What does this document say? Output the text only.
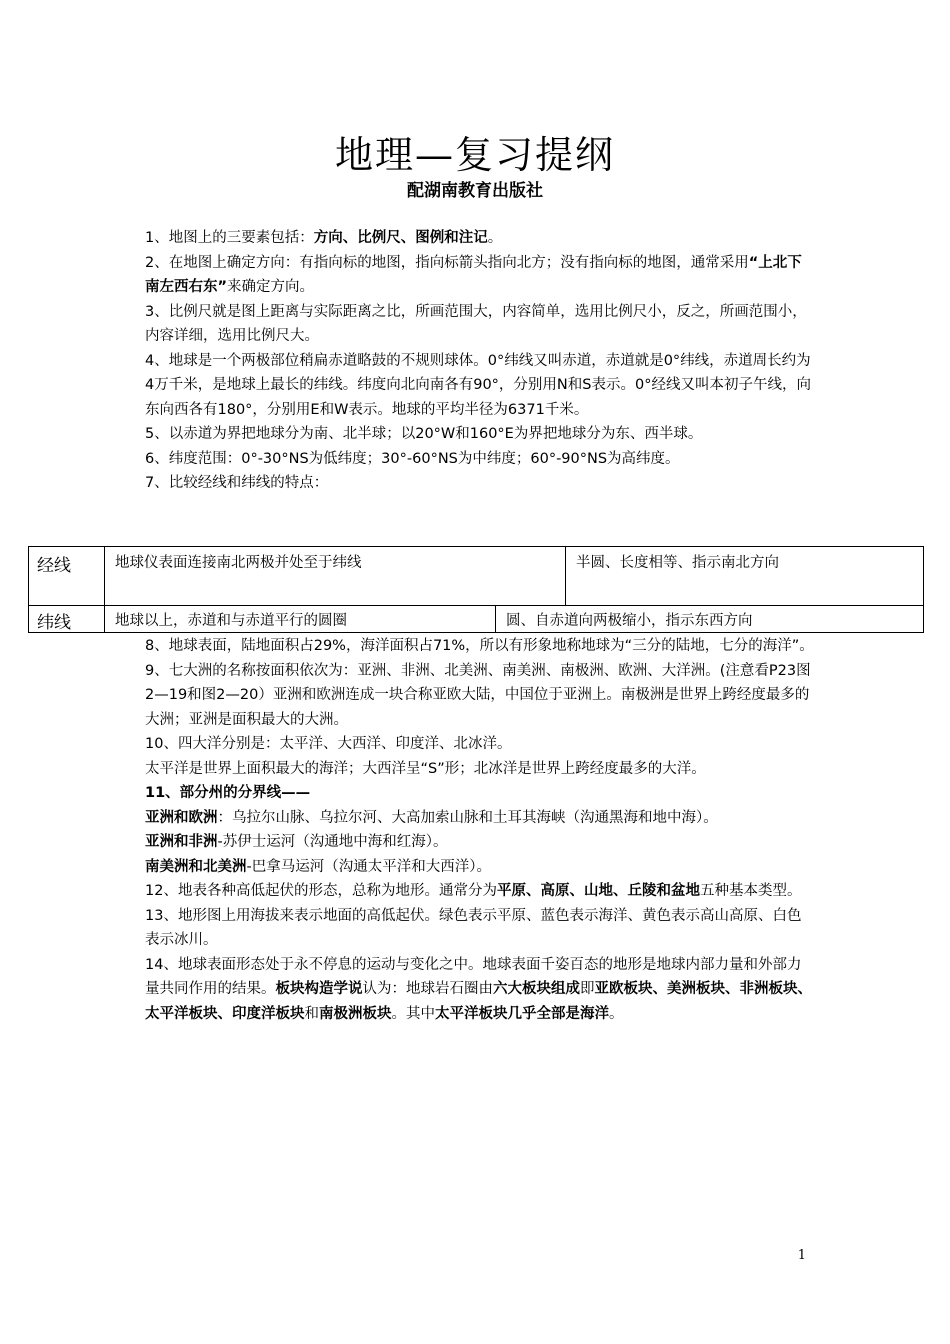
地理—复习提纲
配湖南教育出版社

1、地图上的三要素包括：方向、比例尺、图例和注记。

2、在地图上确定方向：有指向标的地图，指向标箭头指向北方；没有指向标的地图，通常采用“上北下南左西右东”来确定方向。

3、比例尺就是图上距离与实际距离之比，所画范围大，内容简单，选用比例尺小，反之，所画范围小，内容详细，选用比例尺大。

4、地球是一个两极部位稍扁赤道略鼓的不规则球体。0°纬线又叫赤道，赤道就是0°纬线，赤道周长约为4万千米，是地球上最长的纬线。纬度向北向南各有90°，分别用N和S表示。0°经线又叫本初子午线，向东向西各有180°，分别用E和W表示。地球的平均半径为6371千米。

5、以赤道为界把地球分为南、北半球；以20°W和160°E为界把地球分为东、西半球。

6、纬度范围：0°-30°NS为低纬度；30°-60°NS为中纬度；60°-90°NS为高纬度。

7、比较经线和纬线的特点：

经线	地球仪表面连接南北两极并处至于纬线	半圆、长度相等、指示南北方向
纬线	地球以上，赤道和与赤道平行的圆圈	圆、自赤道向两极缩小，指示东西方向

8、地球表面，陆地面积占29%，海洋面积占71%，所以有形象地称地球为“三分的陆地，七分的海洋”。

9、七大洲的名称按面积依次为：亚洲、非洲、北美洲、南美洲、南极洲、欧洲、大洋洲。(注意看P23图2—19和图2—20）亚洲和欧洲连成一块合称亚欧大陆，中国位于亚洲上。南极洲是世界上跨经度最多的大洲；亚洲是面积最大的大洲。

10、四大洋分别是：太平洋、大西洋、印度洋、北冰洋。

太平洋是世界上面积最大的海洋；大西洋呈“S”形；北冰洋是世界上跨经度最多的大洋。

11、部分州的分界线——

亚洲和欧洲：乌拉尔山脉、乌拉尔河、大高加索山脉和土耳其海峡（沟通黑海和地中海）。

亚洲和非洲-苏伊士运河（沟通地中海和红海）。

南美洲和北美洲-巴拿马运河（沟通太平洋和大西洋）。

12、地表各种高低起伏的形态，总称为地形。通常分为平原、高原、山地、丘陵和盆地五种基本类型。

13、地形图上用海拔来表示地面的高低起伏。绿色表示平原、蓝色表示海洋、黄色表示高山高原、白色表示冰川。

14、地球表面形态处于永不停息的运动与变化之中。地球表面千姿百态的地形是地球内部力量和外部力量共同作用的结果。板块构造学说认为：地球岩石圈由六大板块组成即亚欧板块、美洲板块、非洲板块、太平洋板块、印度洋板块和南极洲板块。其中太平洋板块几乎全部是海洋。

1
